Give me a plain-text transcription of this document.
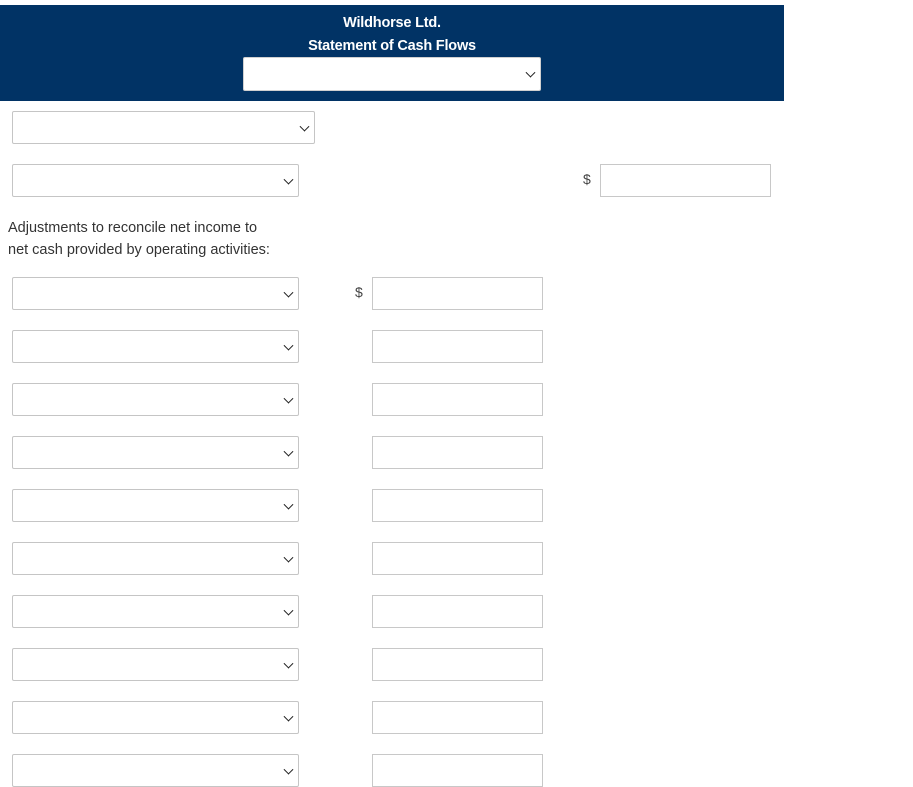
Wildhorse Ltd.
Statement of Cash Flows
$
Adjustments to reconcile net income to
net cash provided by operating activities:
$
